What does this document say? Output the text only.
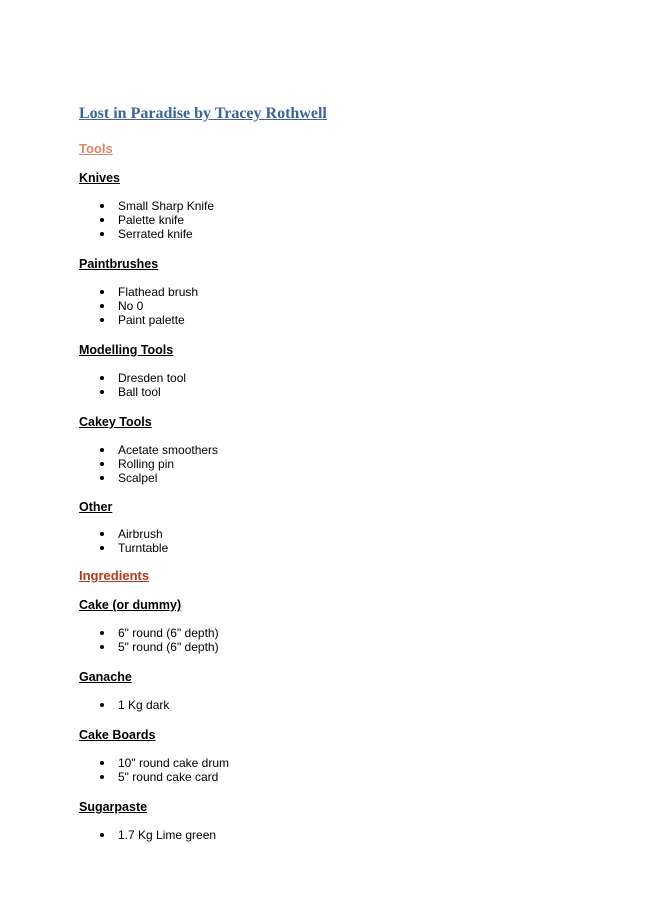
Lost in Paradise by Tracey Rothwell
Tools
Knives
Small Sharp Knife
Palette knife
Serrated knife
Paintbrushes
Flathead brush
No 0
Paint palette
Modelling Tools
Dresden tool
Ball tool
Cakey Tools
Acetate smoothers
Rolling pin
Scalpel
Other
Airbrush
Turntable
Ingredients
Cake (or dummy)
6" round (6" depth)
5" round (6" depth)
Ganache
1 Kg dark
Cake Boards
10" round cake drum
5" round cake card
Sugarpaste
1.7 Kg Lime green
